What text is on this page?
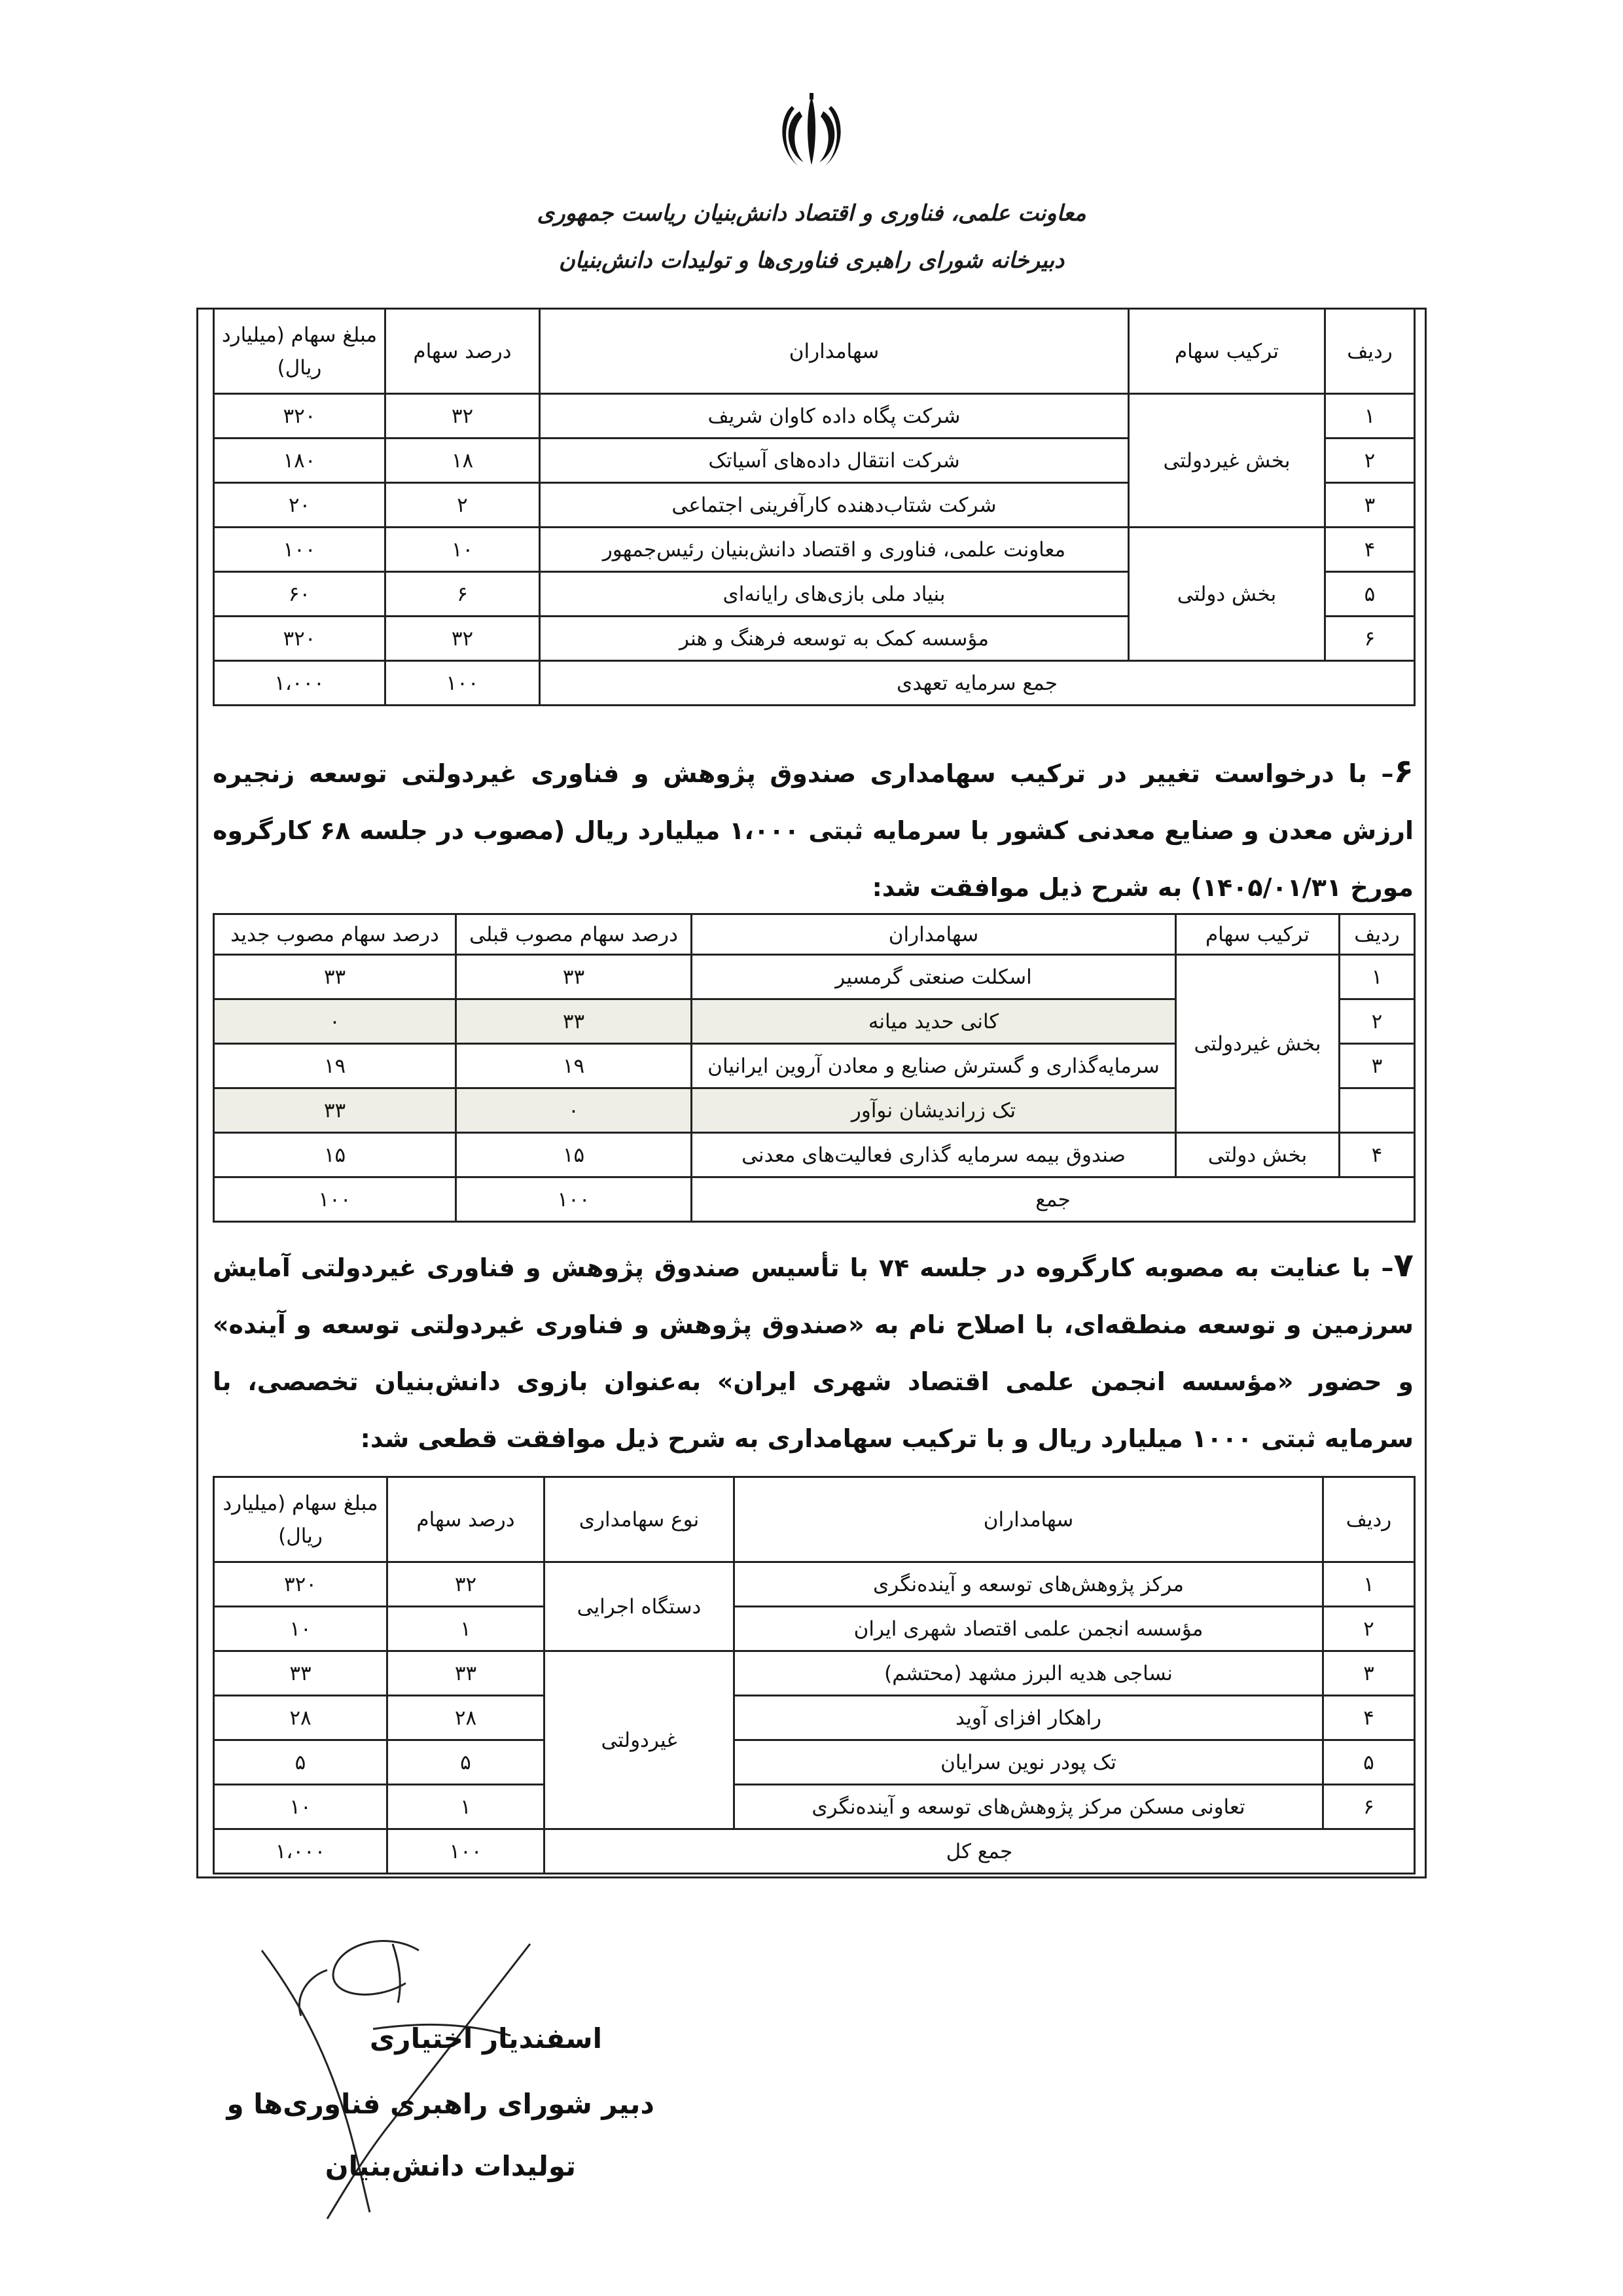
معاونت علمی، فناوری و اقتصاد دانش‌بنیان ریاست جمهوری
دبیرخانه شورای راهبری فناوری‌ها و تولیدات دانش‌بنیان
ردیف	ترکیب سهام	سهامداران	درصد سهام	مبلغ سهام (میلیارد ریال)
۱	بخش غیردولتی	شرکت پگاه داده کاوان شریف	۳۲	۳۲۰
۲		شرکت انتقال داده‌های آسیاتک	۱۸	۱۸۰
۳		شرکت شتاب‌دهنده کارآفرینی اجتماعی	۲	۲۰
۴	بخش دولتی	معاونت علمی، فناوری و اقتصاد دانش‌بنیان رئیس‌جمهور	۱۰	۱۰۰
۵		بنیاد ملی بازی‌های رایانه‌ای	۶	۶۰
۶		مؤسسه کمک به توسعه فرهنگ و هنر	۳۲	۳۲۰
جمع سرمایه تعهدی			۱۰۰	۱،۰۰۰
۶– با درخواست تغییر در ترکیب سهامداری صندوق پژوهش و فناوری غیردولتی توسعه زنجیره ارزش معدن و صنایع معدنی کشور با سرمایه ثبتی ۱،۰۰۰ میلیارد ریال (مصوب در جلسه ۶۸ کارگروه مورخ ۱۴۰۵/۰۱/۳۱) به شرح ذیل موافقت شد:
ردیف	ترکیب سهام	سهامداران	درصد سهام مصوب قبلی	درصد سهام مصوب جدید
۱	بخش غیردولتی	اسکلت صنعتی گرمسیر	۳۳	۳۳
۲		کانی حدید میانه	۳۳	۰
۳		سرمایه‌گذاری و گسترش صنایع و معادن آروین ایرانیان	۱۹	۱۹
		تک زراندیشان نوآور	۰	۳۳
۴	بخش دولتی	صندوق بیمه سرمایه گذاری فعالیت‌های معدنی	۱۵	۱۵
جمع			۱۰۰	۱۰۰
۷– با عنایت به مصوبه کارگروه در جلسه ۷۴ با تأسیس صندوق پژوهش و فناوری غیردولتی آمایش سرزمین و توسعه منطقه‌ای، با اصلاح نام به «صندوق پژوهش و فناوری غیردولتی توسعه و آینده» و حضور «مؤسسه انجمن علمی اقتصاد شهری ایران» به‌عنوان بازوی دانش‌بنیان تخصصی، با سرمایه ثبتی ۱۰۰۰ میلیارد ریال و با ترکیب سهامداری به شرح ذیل موافقت قطعی شد:
ردیف	سهامداران	نوع سهامداری	درصد سهام	مبلغ سهام (میلیارد ریال)
۱	مرکز پژوهش‌های توسعه و آینده‌نگری	دستگاه اجرایی	۳۲	۳۲۰
۲	مؤسسه انجمن علمی اقتصاد شهری ایران		۱	۱۰
۳	نساجی هدیه البرز مشهد (محتشم)	غیردولتی	۳۳	۳۳
۴	راهکار افزای آوید		۲۸	۲۸
۵	تک پودر نوین سرایان		۵	۵
۶	تعاونی مسکن مرکز پژوهش‌های توسعه و آینده‌نگری		۱	۱۰
جمع کل			۱۰۰	۱،۰۰۰
اسفندیار اختیاری
دبیر شورای راهبری فناوری‌ها و
تولیدات دانش‌بنیان
